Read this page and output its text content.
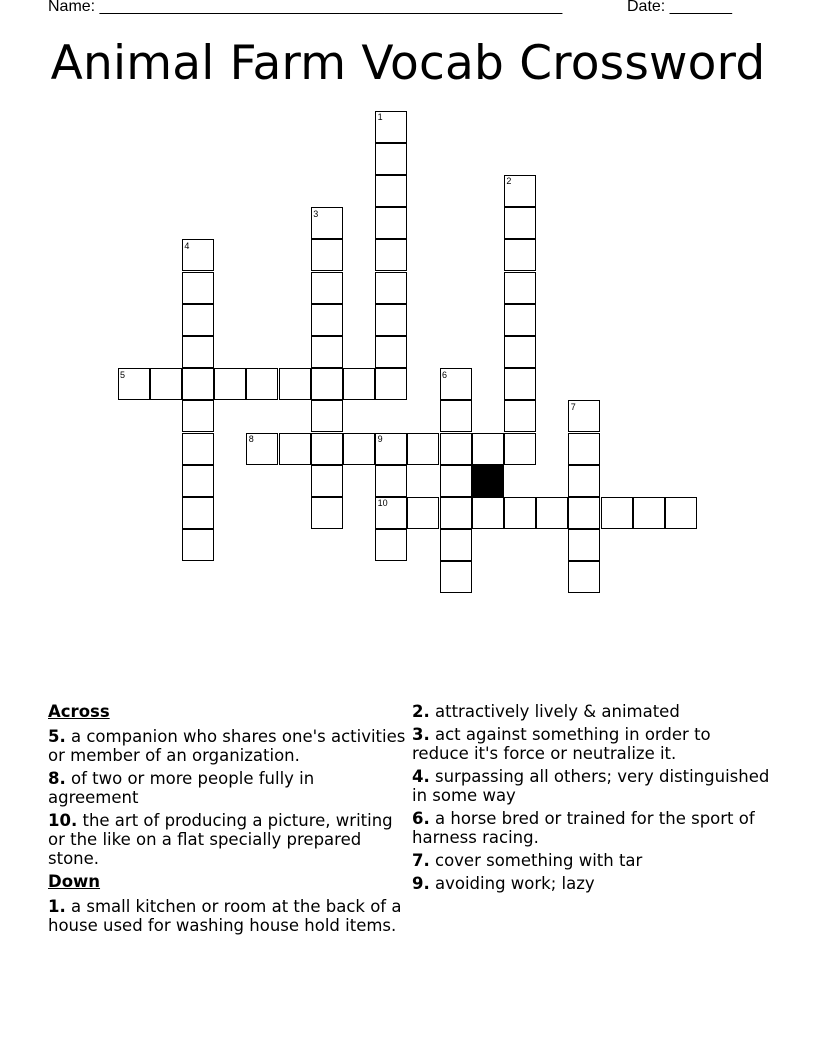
Name: ____________________________________________________	Date: _______
Animal Farm Vocab Crossword
1
2
3
4
5	6
7
8	9
10
Across
5. a companion who shares one's activities or member of an organization.
8. of two or more people fully in agreement
10. the art of producing a picture, writing or the like on a flat specially prepared stone.
Down
1. a small kitchen or room at the back of a house used for washing house hold items.
2. attractively lively & animated
3. act against something in order to reduce it's force or neutralize it.
4. surpassing all others; very distinguished in some way
6. a horse bred or trained for the sport of harness racing.
7. cover something with tar
9. avoiding work; lazy
